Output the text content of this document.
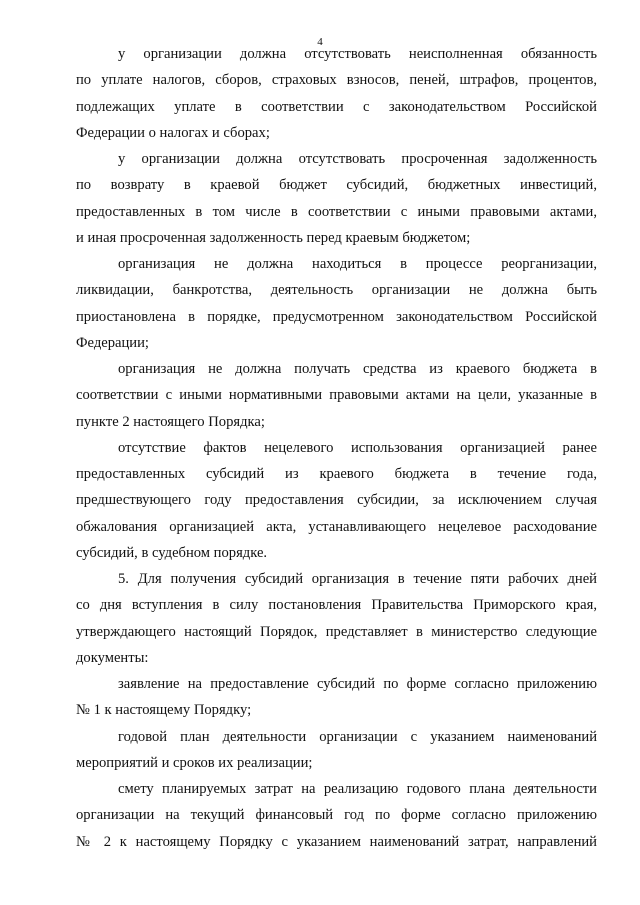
4
у организации должна отсутствовать неисполненная обязанность
по уплате налогов, сборов, страховых взносов, пеней, штрафов, процентов,
подлежащих уплате в соответствии с законодательством Российской
Федерации о налогах и сборах;
у организации должна отсутствовать просроченная задолженность
по возврату в краевой бюджет субсидий, бюджетных инвестиций,
предоставленных в том числе в соответствии с иными правовыми актами,
и иная просроченная задолженность перед краевым бюджетом;
организация не должна находиться в процессе реорганизации,
ликвидации, банкротства, деятельность организации не должна быть
приостановлена в порядке, предусмотренном законодательством Российской
Федерации;
организация не должна получать средства из краевого бюджета в
соответствии с иными нормативными правовыми актами на цели, указанные в
пункте 2 настоящего Порядка;
отсутствие фактов нецелевого использования организацией ранее
предоставленных субсидий из краевого бюджета в течение года,
предшествующего году предоставления субсидии, за исключением случая
обжалования организацией акта, устанавливающего нецелевое расходование
субсидий, в судебном порядке.
5. Для получения субсидий организация в течение пяти рабочих дней
со дня вступления в силу постановления Правительства Приморского края,
утверждающего настоящий Порядок, представляет в министерство следующие
документы:
заявление на предоставление субсидий по форме согласно приложению
№ 1 к настоящему Порядку;
годовой план деятельности организации с указанием наименований
мероприятий и сроков их реализации;
смету планируемых затрат на реализацию годового плана деятельности
организации на текущий финансовый год по форме согласно приложению
№ 2 к настоящему Порядку с указанием наименований затрат, направлений
